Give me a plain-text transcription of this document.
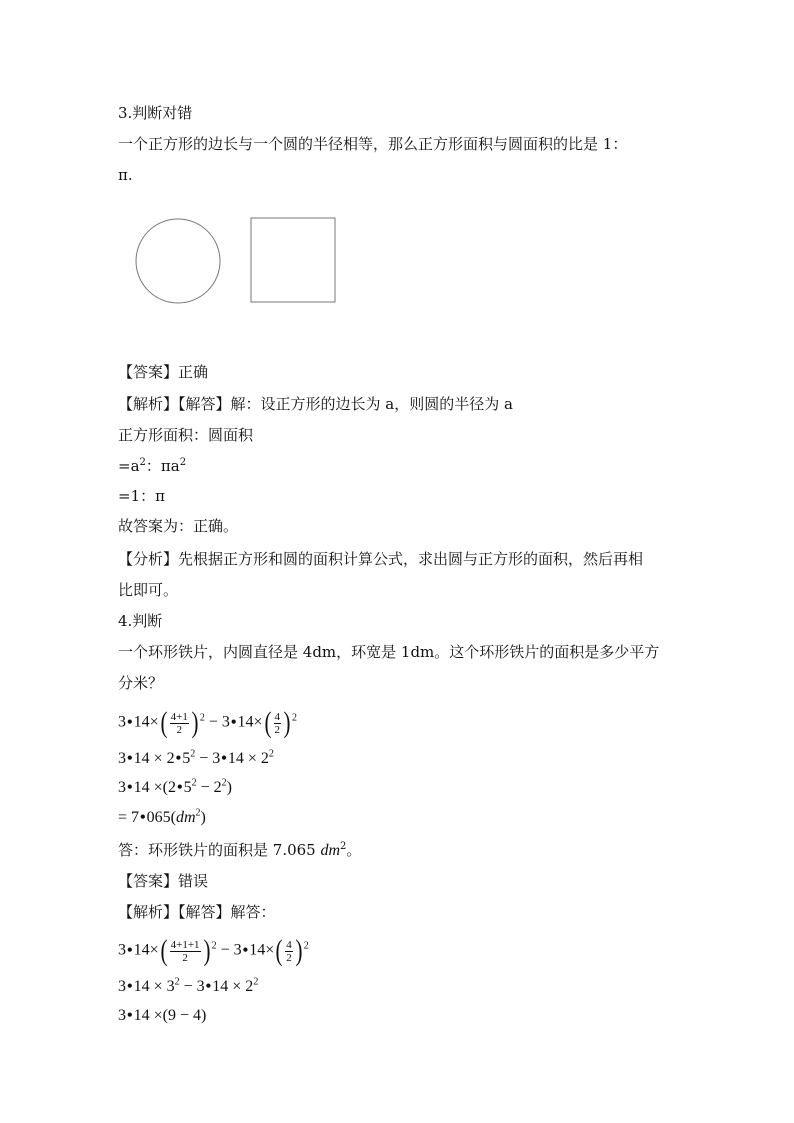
3.判断对错
一个正方形的边长与一个圆的半径相等，那么正方形面积与圆面积的比是 1：
π.
【答案】正确
【解析】【解答】解：设正方形的边长为 a，则圆的半径为 a
正方形面积：圆面积
$=a^2$：$\pi a^2$
=1：π
故答案为：正确。
【分析】先根据正方形和圆的面积计算公式，求出圆与正方形的面积，然后再相
比即可。
4.判断
一个环形铁片，内圆直径是 4dm，环宽是 1dm。这个环形铁片的面积是多少平方
分米？
3•14×( $\frac{4+1}{2}$ ) $^2$ − 3•14×( $\frac{4}{2}$ ) $^2$
3•14 × $2•5^2$ − 3•14 × $2^2$
3•14 $\times(2•5^2 - 2^2)$
= $7•065(dm^2)$
答：环形铁片的面积是 7.065 $dm^2$。
【答案】错误
【解析】【解答】解答：
3•14×( $\frac{4+1+1}{2}$ ) $^2$ − 3•14×( $\frac{4}{2}$ ) $^2$
3•14 × $3^2$ − 3•14 × $2^2$
3•14 ×(9 − 4)
